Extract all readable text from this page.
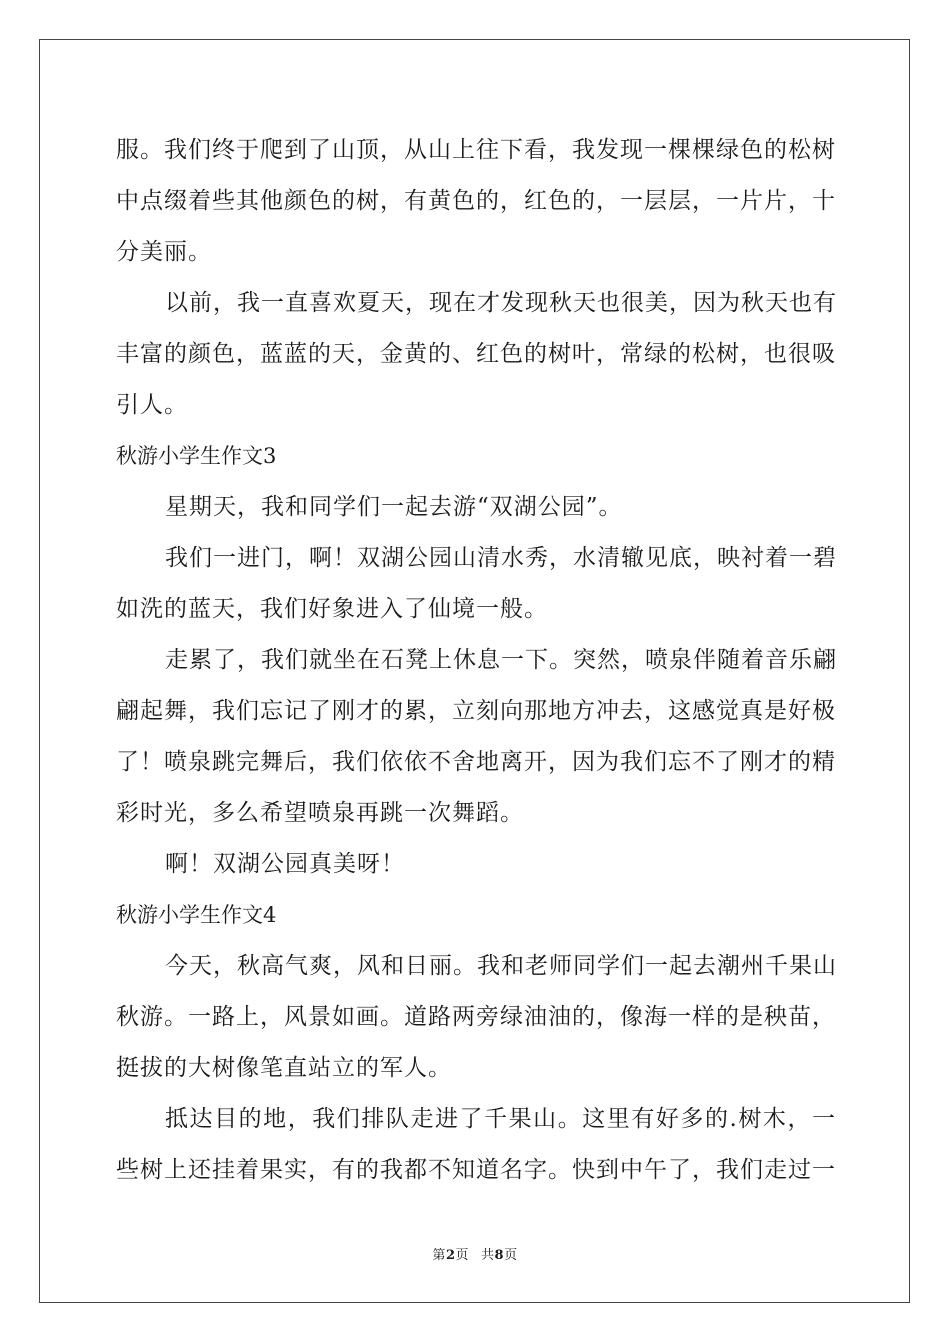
服。我们终于爬到了山顶，从山上往下看，我发现一棵棵绿色的松树
中点缀着些其他颜色的树，有黄色的，红色的，一层层，一片片，十
分美丽。
以前，我一直喜欢夏天，现在才发现秋天也很美，因为秋天也有
丰富的颜色，蓝蓝的天，金黄的、红色的树叶，常绿的松树，也很吸
引人。
秋游小学生作文3
星期天，我和同学们一起去游“双湖公园”。
我们一进门，啊！双湖公园山清水秀，水清辙见底，映衬着一碧
如洗的蓝天，我们好象进入了仙境一般。
走累了，我们就坐在石凳上休息一下。突然，喷泉伴随着音乐翩
翩起舞，我们忘记了刚才的累，立刻向那地方冲去，这感觉真是好极
了！喷泉跳完舞后，我们依依不舍地离开，因为我们忘不了刚才的精
彩时光，多么希望喷泉再跳一次舞蹈。
啊！双湖公园真美呀！
秋游小学生作文4
今天，秋高气爽，风和日丽。我和老师同学们一起去潮州千果山
秋游。一路上，风景如画。道路两旁绿油油的，像海一样的是秧苗，
挺拔的大树像笔直站立的军人。
抵达目的地，我们排队走进了千果山。这里有好多的.树木，一
些树上还挂着果实，有的我都不知道名字。快到中午了，我们走过一
第2页 共8页
